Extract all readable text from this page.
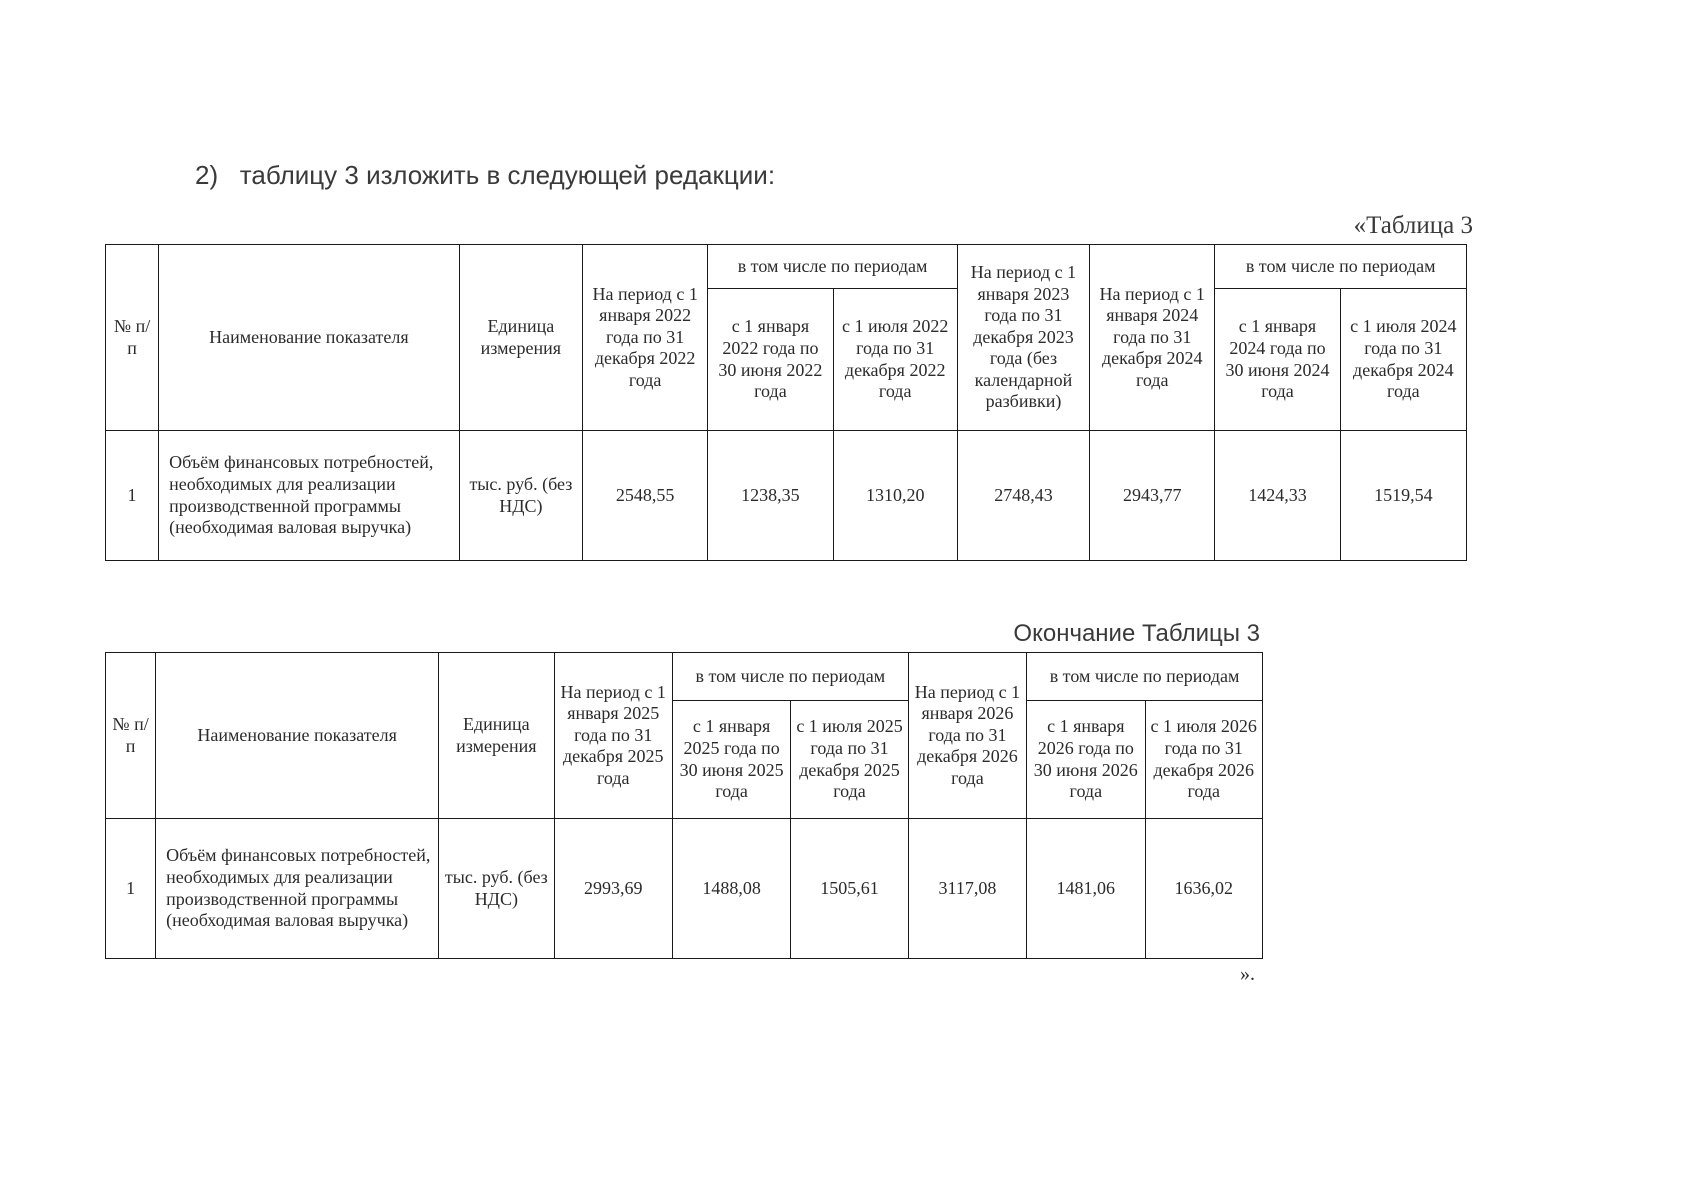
2)   таблицу 3 изложить в следующей редакции:
«Таблица 3
№ п/п	Наименование показателя	Единица измерения	На период с 1 января 2022 года по 31 декабря 2022 года	в том числе по периодам		На период с 1 января 2023 года по 31 декабря 2023 года (без календарной разбивки)	На период с 1 января 2024 года по 31 декабря 2024 года	в том числе по периодам	
				с 1 января 2022 года по 30 июня 2022 года	с 1 июля 2022 года по 31 декабря 2022 года			с 1 января 2024 года по 30 июня 2024 года	с 1 июля 2024 года по 31 декабря 2024 года
1	Объём финансовых потребностей, необходимых для реализации производственной программы (необходимая валовая выручка)	тыс. руб. (без НДС)	2548,55	1238,35	1310,20	2748,43	2943,77	1424,33	1519,54
Окончание Таблицы 3
№ п/п	Наименование показателя	Единица измерения	На период с 1 января 2025 года по 31 декабря 2025 года	в том числе по периодам		На период с 1 января 2026 года по 31 декабря 2026 года	в том числе по периодам	
				с 1 января 2025 года по 30 июня 2025 года	с 1 июля 2025 года по 31 декабря 2025 года		с 1 января 2026 года по 30 июня 2026 года	с 1 июля 2026 года по 31 декабря 2026 года
1	Объём финансовых потребностей, необходимых для реализации производственной программы (необходимая валовая выручка)	тыс. руб. (без НДС)	2993,69	1488,08	1505,61	3117,08	1481,06	1636,02
».
